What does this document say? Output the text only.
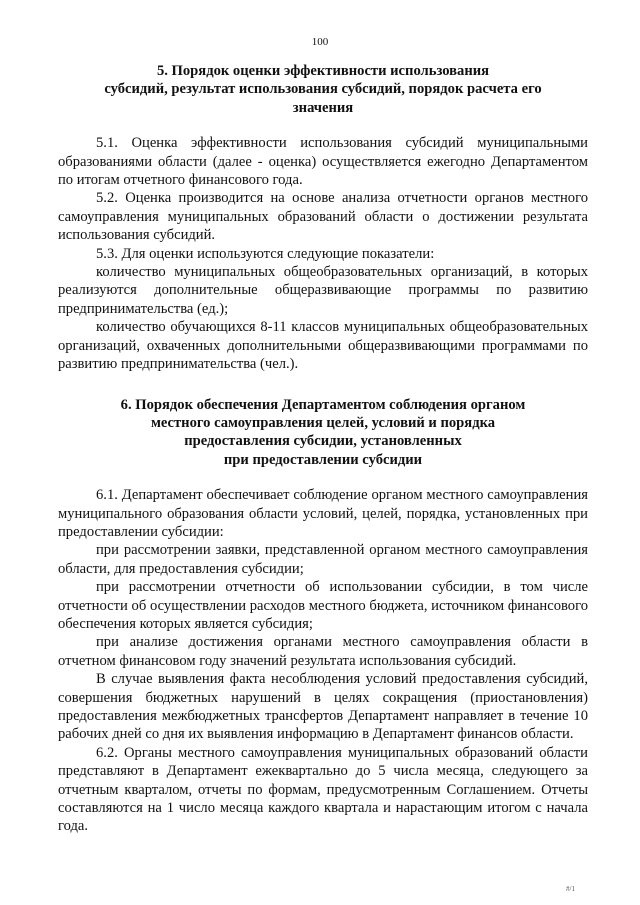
100
5. Порядок оценки эффективности использования
субсидий, результат использования субсидий, порядок расчета его
значения

5.1. Оценка эффективности использования субсидий муниципальными образованиями области (далее - оценка) осуществляется ежегодно Департаментом по итогам отчетного финансового года.

5.2. Оценка производится на основе анализа отчетности органов местного самоуправления муниципальных образований области о достижении результата использования субсидий.

5.3. Для оценки используются следующие показатели:

количество муниципальных общеобразовательных организаций, в которых реализуются дополнительные общеразвивающие программы по развитию предпринимательства (ед.);

количество обучающихся 8-11 классов муниципальных общеобразовательных организаций, охваченных дополнительными общеразвивающими программами по развитию предпринимательства (чел.).

6. Порядок обеспечения Департаментом соблюдения органом
местного самоуправления целей, условий и порядка
предоставления субсидии, установленных
при предоставлении субсидии

6.1. Департамент обеспечивает соблюдение органом местного самоуправления муниципального образования области условий, целей, порядка, установленных при предоставлении субсидии:

при рассмотрении заявки, представленной органом местного самоуправления области, для предоставления субсидии;

при рассмотрении отчетности об использовании субсидии, в том числе отчетности об осуществлении расходов местного бюджета, источником финансового обеспечения которых является субсидия;

при анализе достижения органами местного самоуправления области в отчетном финансовом году значений результата использования субсидий.

В случае выявления факта несоблюдения условий предоставления субсидий, совершения бюджетных нарушений в целях сокращения (приостановления) предоставления межбюджетных трансфертов Департамент направляет в течение 10 рабочих дней со дня их выявления информацию в Департамент финансов области.

6.2. Органы местного самоуправления муниципальных образований области представляют в Департамент ежеквартально до 5 числа месяца, следующего за отчетным кварталом, отчеты по формам, предусмотренным Соглашением. Отчеты составляются на 1 число месяца каждого квартала и нарастающим итогом с начала года.

#/1
